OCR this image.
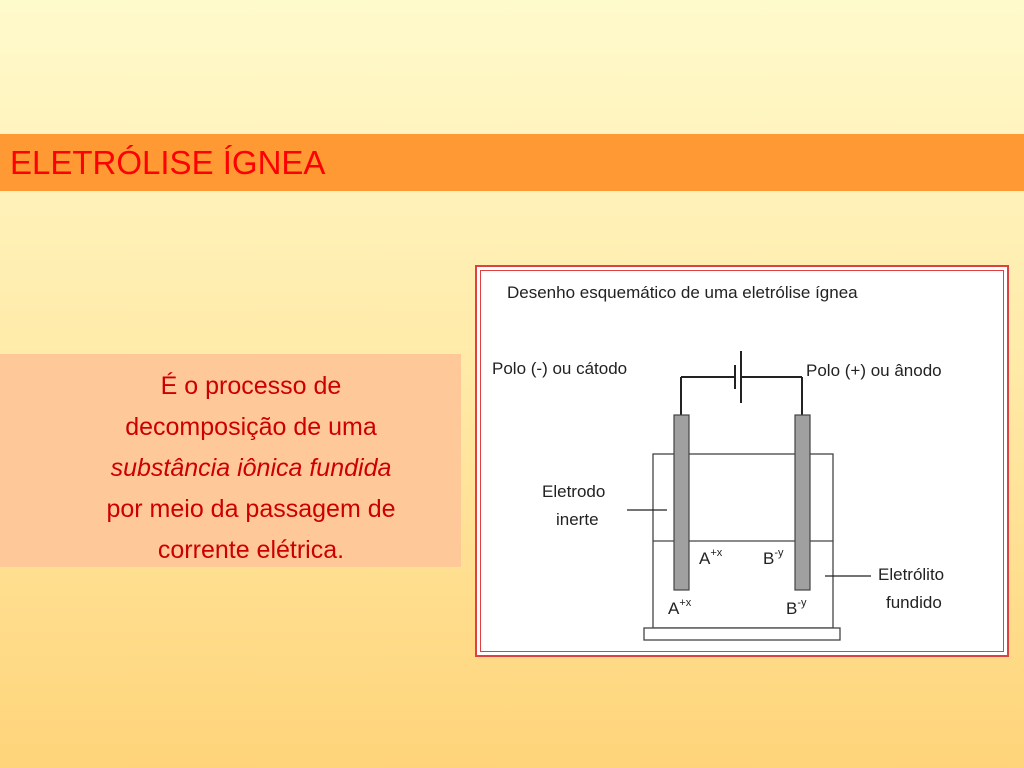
ELETRÓLISE ÍGNEA
É o processo de
decomposição de uma
substância iônica fundida
por meio da passagem de
corrente elétrica.
Desenho esquemático de uma eletrólise ígnea
Polo (-) ou cátodo	Polo (+) ou ânodo
Eletrodo
inerte
Eletrólito
fundido
$A^{+x}$ $B^{-y}$
$A^{+x}$	$B^{-y}$
